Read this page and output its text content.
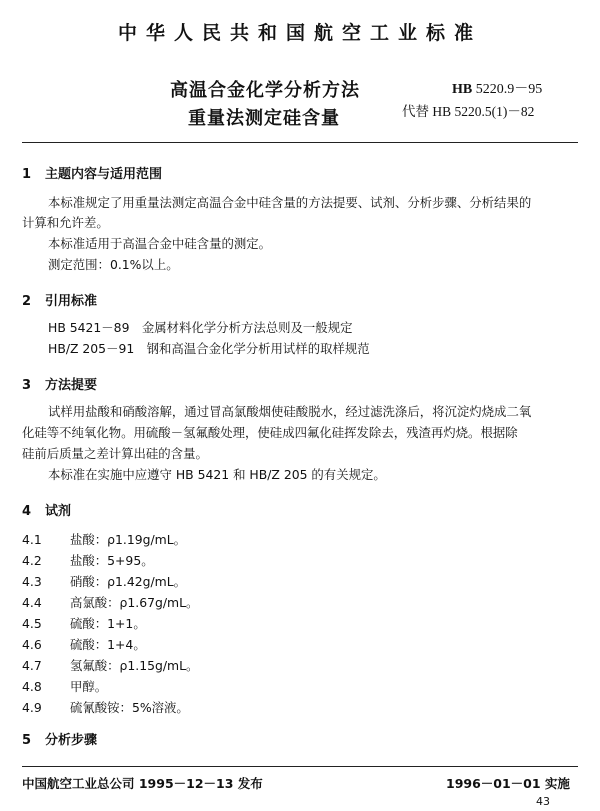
中华人民共和国航空工业标准
高温合金化学分析方法
重量法测定硅含量
HB 5220.9－95
代替 HB 5220.5(1)－82
1 主题内容与适用范围
本标准规定了用重量法测定高温合金中硅含量的方法提要、试剂、分析步骤、分析结果的
计算和允许差。
本标准适用于高温合金中硅含量的测定。
测定范围：0.1%以上。
2 引用标准
HB 5421－89　金属材料化学分析方法总则及一般规定
HB/Z 205－91　钢和高温合金化学分析用试样的取样规范
3 方法提要
试样用盐酸和硝酸溶解，通过冒高氯酸烟使硅酸脱水，经过滤洗涤后，将沉淀灼烧成二氧
化硅等不纯氧化物。用硫酸－氢氟酸处理，使硅成四氟化硅挥发除去，残渣再灼烧。根据除
硅前后质量之差计算出硅的含量。
本标准在实施中应遵守 HB 5421 和 HB/Z 205 的有关规定。
4 试剂
4.1 盐酸：ρ1.19g/mL。
4.2 盐酸：5+95。
4.3 硝酸：ρ1.42g/mL。
4.4 高氯酸：ρ1.67g/mL。
4.5 硫酸：1+1。
4.6 硫酸：1+4。
4.7 氢氟酸：ρ1.15g/mL。
4.8 甲醇。
4.9 硫氰酸铵：5%溶液。
5 分析步骤
中国航空工业总公司 1995－12－13 发布	1996－01－01 实施
43
